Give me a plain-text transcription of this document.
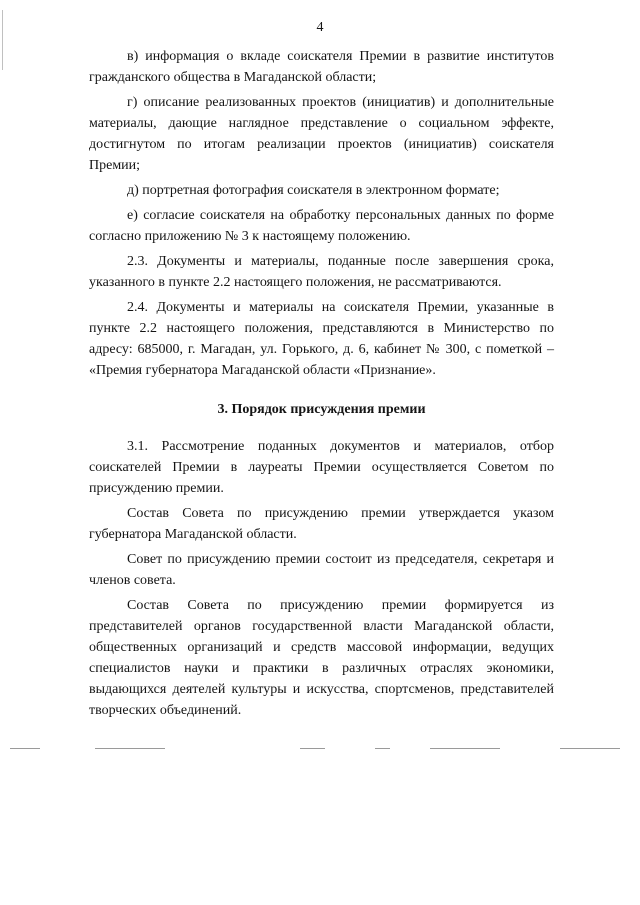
4

в) информация о вкладе соискателя Премии в развитие институтов гражданского общества в Магаданской области;

г) описание реализованных проектов (инициатив) и дополнительные материалы, дающие наглядное представление о социальном эффекте, достигнутом по итогам реализации проектов (инициатив) соискателя Премии;

д) портретная фотография соискателя в электронном формате;

е) согласие соискателя на обработку персональных данных по форме согласно приложению № 3 к настоящему положению.

2.3. Документы и материалы, поданные после завершения срока, указанного в пункте 2.2 настоящего положения, не рассматриваются.

2.4. Документы и материалы на соискателя Премии, указанные в пункте 2.2 настоящего положения, представляются в Министерство по адресу: 685000, г. Магадан, ул. Горького, д. 6, кабинет № 300, с пометкой – «Премия губернатора Магаданской области «Признание».

3. Порядок присуждения премии

3.1. Рассмотрение поданных документов и материалов, отбор соискателей Премии в лауреаты Премии осуществляется Советом по присуждению премии.

Состав Совета по присуждению премии утверждается указом губернатора Магаданской области.

Совет по присуждению премии состоит из председателя, секретаря и членов совета.

Состав Совета по присуждению премии формируется из представителей органов государственной власти Магаданской области, общественных организаций и средств массовой информации, ведущих специалистов науки и практики в различных отраслях экономики, выдающихся деятелей культуры и искусства, спортсменов, представителей творческих объединений.
